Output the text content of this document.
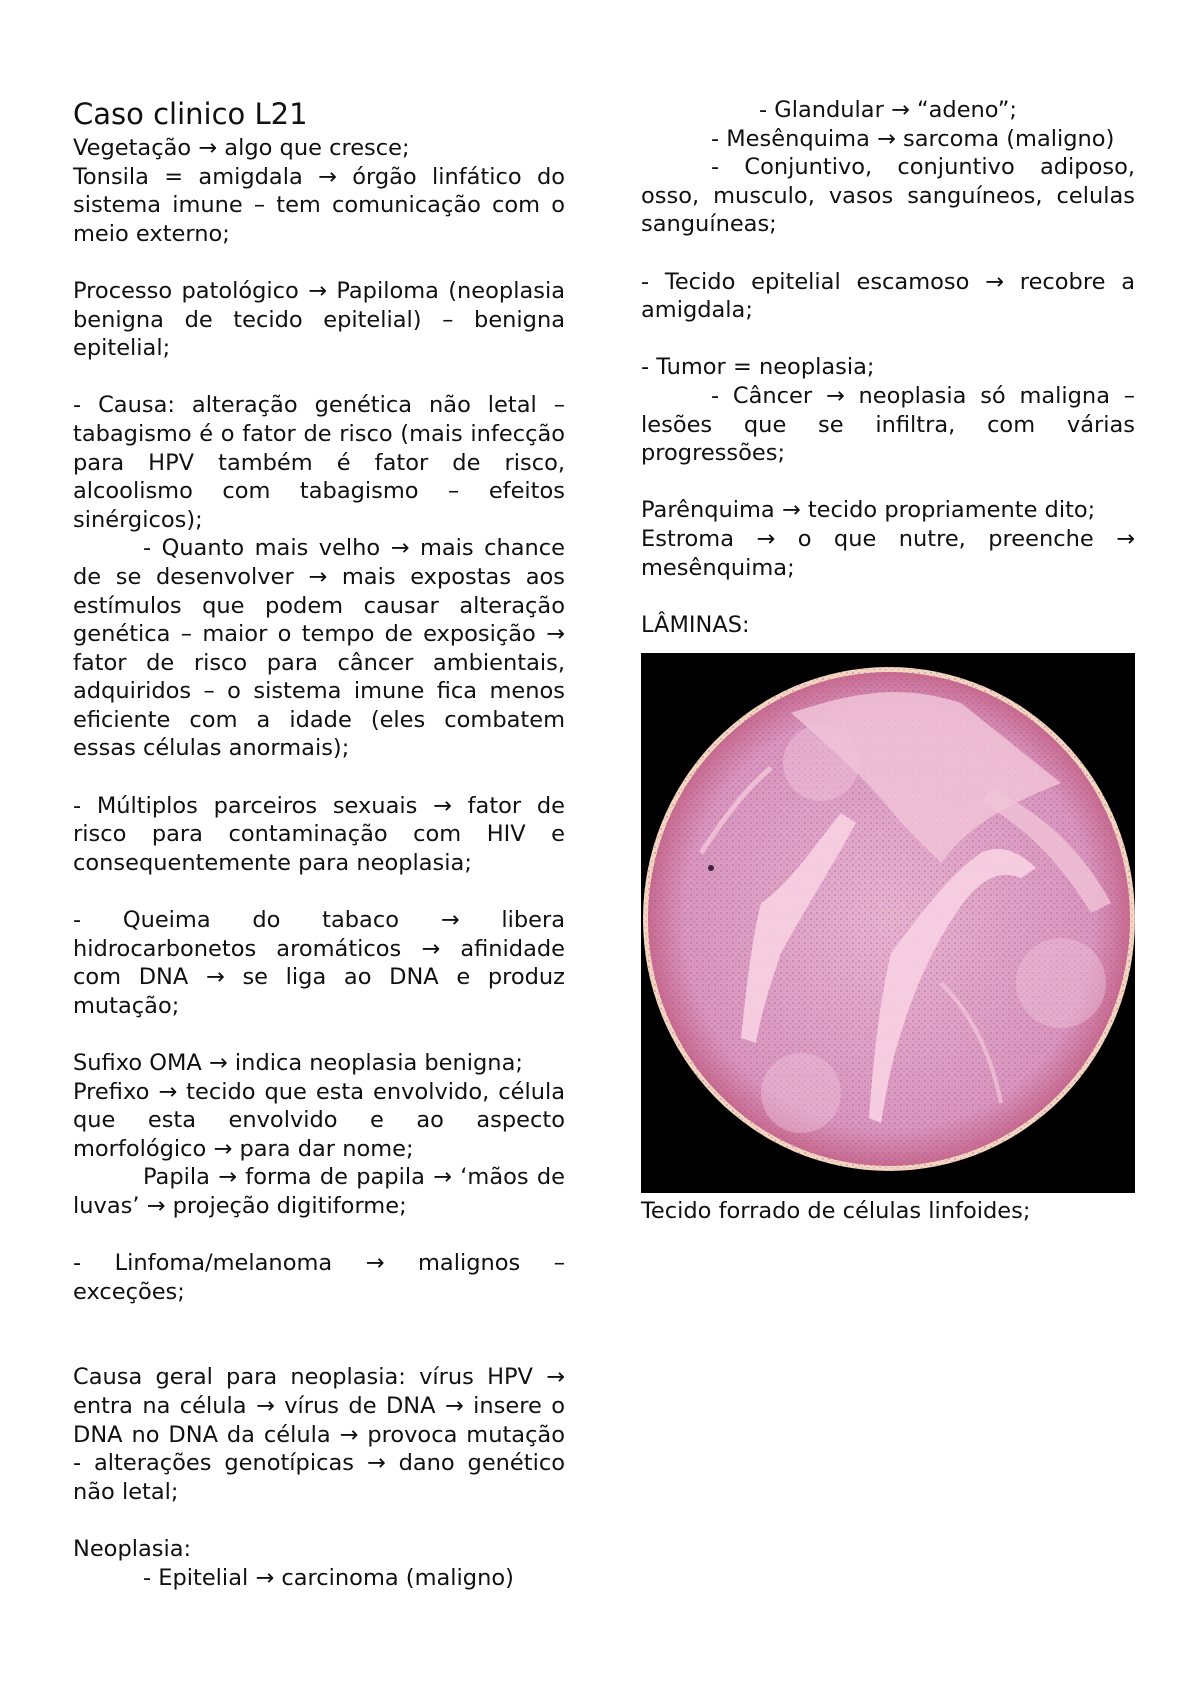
Caso clinico L21

Vegetação → algo que cresce;

Tonsila = amigdala → órgão linfático do sistema imune – tem comunicação com o meio externo;

Processo patológico → Papiloma (neoplasia benigna de tecido epitelial) – benigna epitelial;

- Causa: alteração genética não letal – tabagismo é o fator de risco (mais infecção para HPV também é fator de risco, alcoolismo com tabagismo – efeitos sinérgicos);

- Quanto mais velho → mais chance de se desenvolver → mais expostas aos estímulos que podem causar alteração genética – maior o tempo de exposição → fator de risco para câncer ambientais, adquiridos – o sistema imune fica menos eficiente com a idade (eles combatem essas células anormais);

- Múltiplos parceiros sexuais → fator de risco para contaminação com HIV e consequentemente para neoplasia;

- Queima do tabaco → libera hidrocarbonetos aromáticos → afinidade com DNA → se liga ao DNA e produz mutação;

Sufixo OMA → indica neoplasia benigna;

Prefixo → tecido que esta envolvido, célula que esta envolvido e ao aspecto morfológico → para dar nome;

Papila → forma de papila → ‘mãos de luvas’ → projeção digitiforme;

- Linfoma/melanoma → malignos – exceções;

Causa geral para neoplasia: vírus HPV → entra na célula → vírus de DNA → insere o DNA no DNA da célula → provoca mutação - alterações genotípicas → dano genético não letal;

Neoplasia:

- Epitelial → carcinoma (maligno)

- Glandular → “adeno”;

- Mesênquima → sarcoma (maligno)

- Conjuntivo, conjuntivo adiposo, osso, musculo, vasos sanguíneos, celulas sanguíneas;

- Tecido epitelial escamoso → recobre a amigdala;

- Tumor = neoplasia;

- Câncer → neoplasia só maligna – lesões que se infiltra, com várias progressões;

Parênquima → tecido propriamente dito;

Estroma → o que nutre, preenche → mesênquima;

LÂMINAS:

Tecido forrado de células linfoides;
